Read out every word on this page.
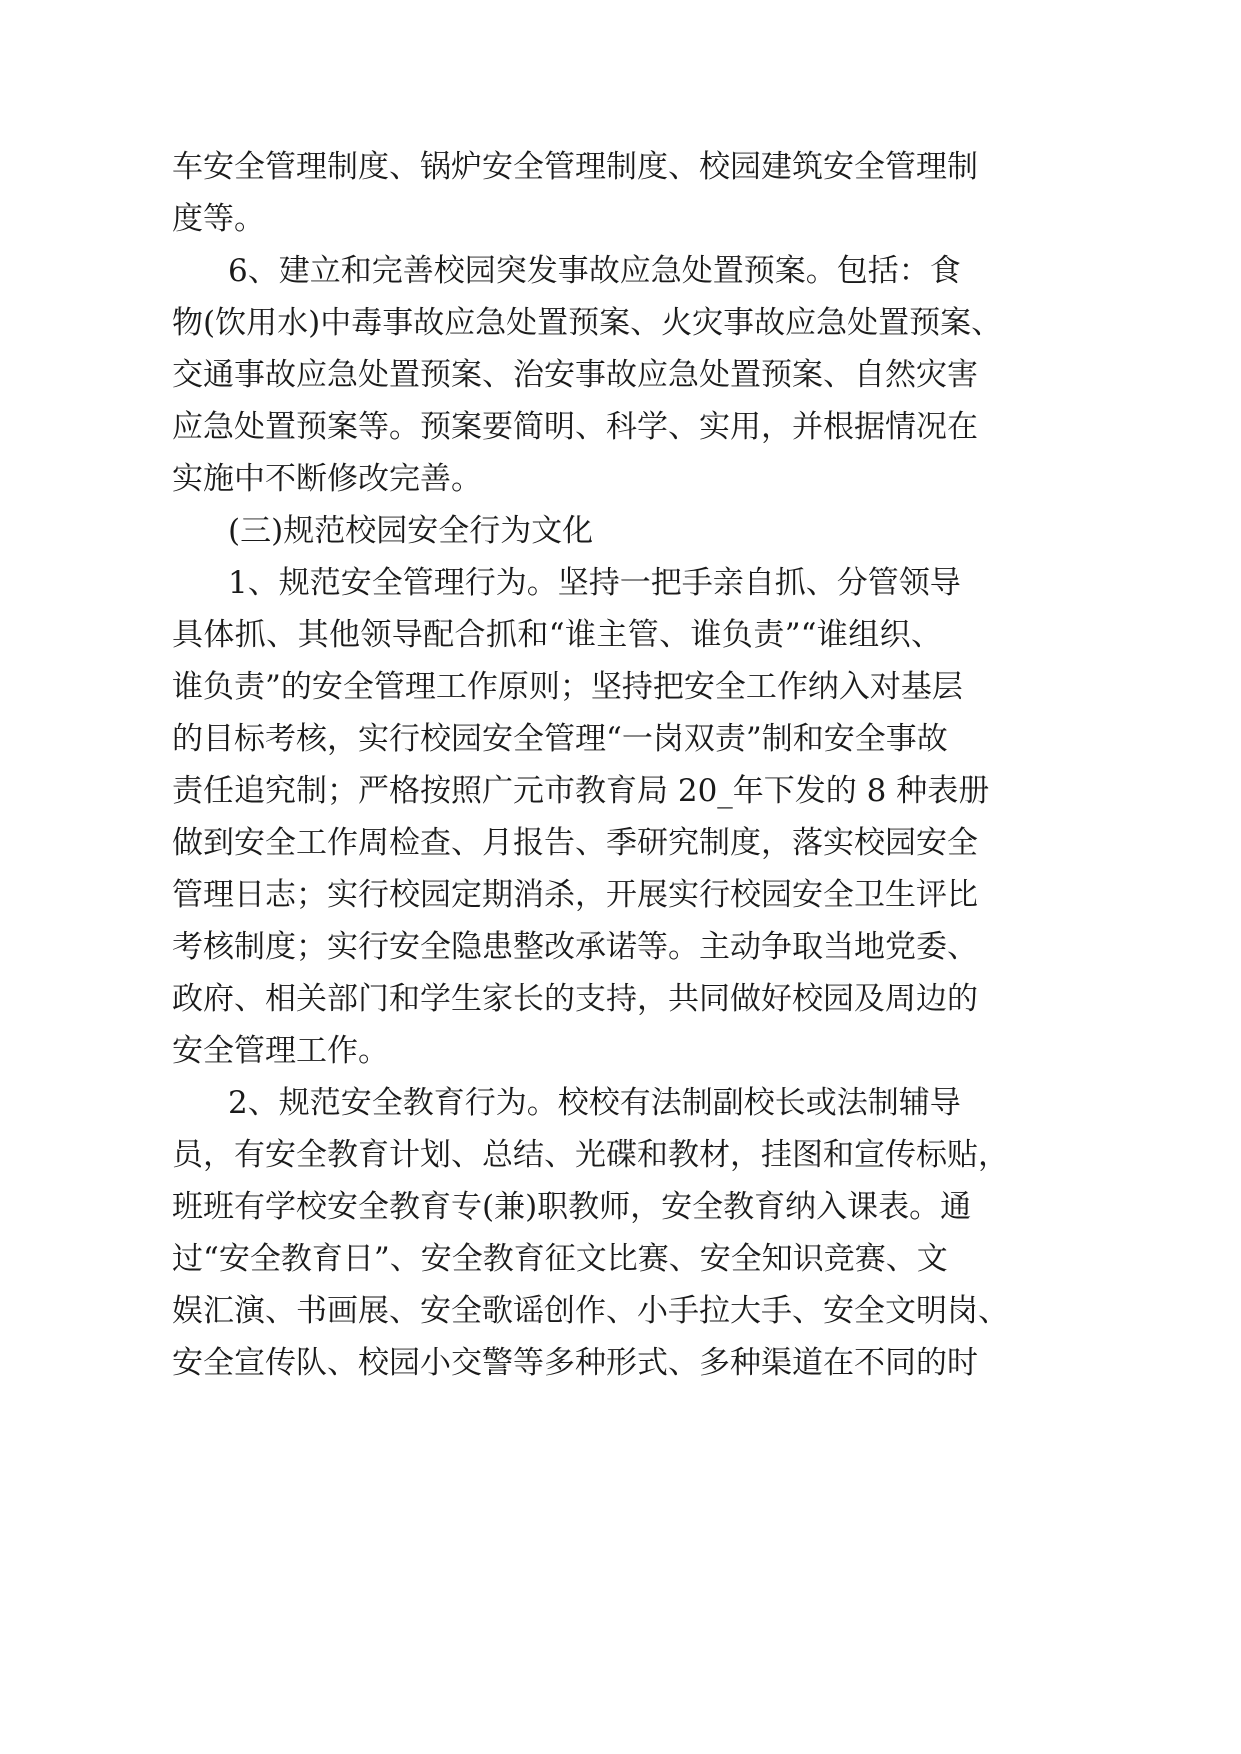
车安全管理制度、锅炉安全管理制度、校园建筑安全管理制
度等。
6、建立和完善校园突发事故应急处置预案。包括：食
物(饮用水)中毒事故应急处置预案、火灾事故应急处置预案、
交通事故应急处置预案、治安事故应急处置预案、自然灾害
应急处置预案等。预案要简明、科学、实用，并根据情况在
实施中不断修改完善。
(三)规范校园安全行为文化
1、规范安全管理行为。坚持一把手亲自抓、分管领导
具体抓、其他领导配合抓和“谁主管、谁负责”“谁组织、
谁负责”的安全管理工作原则；坚持把安全工作纳入对基层
的目标考核，实行校园安全管理“一岗双责”制和安全事故
责任追究制；严格按照广元市教育局 20_年下发的 8 种表册
做到安全工作周检查、月报告、季研究制度，落实校园安全
管理日志；实行校园定期消杀，开展实行校园安全卫生评比
考核制度；实行安全隐患整改承诺等。主动争取当地党委、
政府、相关部门和学生家长的支持，共同做好校园及周边的
安全管理工作。
2、规范安全教育行为。校校有法制副校长或法制辅导
员，有安全教育计划、总结、光碟和教材，挂图和宣传标贴，
班班有学校安全教育专(兼)职教师，安全教育纳入课表。通
过“安全教育日”、安全教育征文比赛、安全知识竞赛、文
娱汇演、书画展、安全歌谣创作、小手拉大手、安全文明岗、
安全宣传队、校园小交警等多种形式、多种渠道在不同的时
